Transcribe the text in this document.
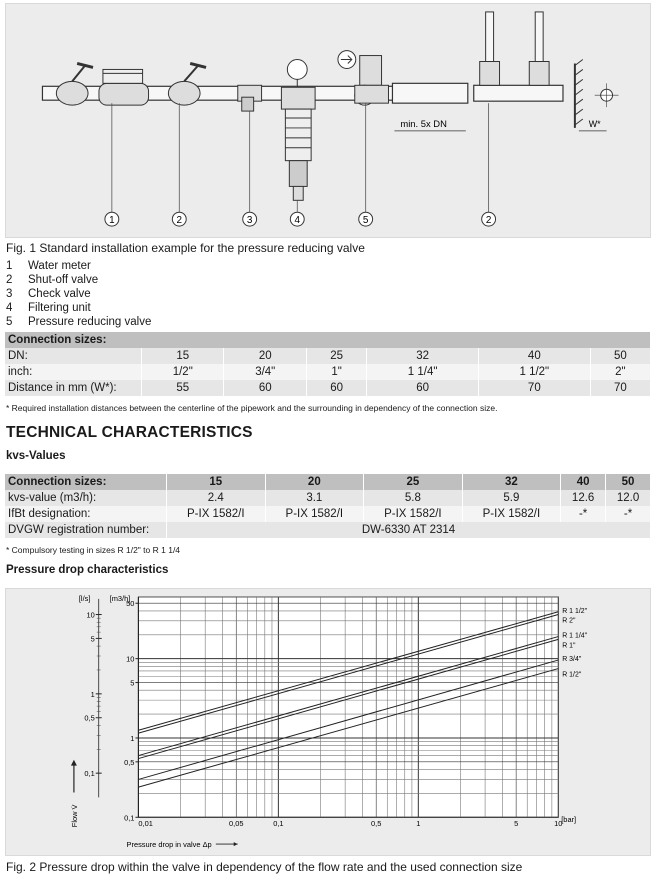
W*
min. 5x DN
1	2	3	4	5	2
Fig. 1 Standard installation example for the pressure reducing valve
1	Water meter
2	Shut-off valve
3	Check valve
4	Filtering unit
5	Pressure reducing valve
Connection sizes:						
DN:	15	20	25	32	40	50
inch:	1/2"	3/4"	1"	1 1/4"	1 1/2"	2"
Distance in mm (W*):	55	60	60	60	70	70
* Required installation distances between the centerline of the pipework and the surrounding in dependency of the connection size.
TECHNICAL CHARACTERISTICS
kvs-Values
Connection sizes:	15	20	25	32	40	50
kvs-value (m3/h):	2.4	3.1	5.8	5.9	12.6	12.0
IfBt designation:	P-IX 1582/I	P-IX 1582/I	P-IX 1582/I	P-IX 1582/I	-*	-*
DVGW registration number:	DW-6330 AT 2314					
* Compulsory testing in sizes R 1/2" to R 1 1/4
Pressure drop characteristics
R 1 1/2"
R 2"
R 1 1/4"
R 1"
R 3/4"
R 1/2"
0,01	0,05	0,1	0,5	1	5	10
50
10
5
1
0,5
0,1
10
5
1
0,5
0,1
[l/s]	[m3/h]
[bar]
Pressure drop in valve Δp
Flow V̇
Fig. 2 Pressure drop within the valve in dependency of the flow rate and the used connection size
